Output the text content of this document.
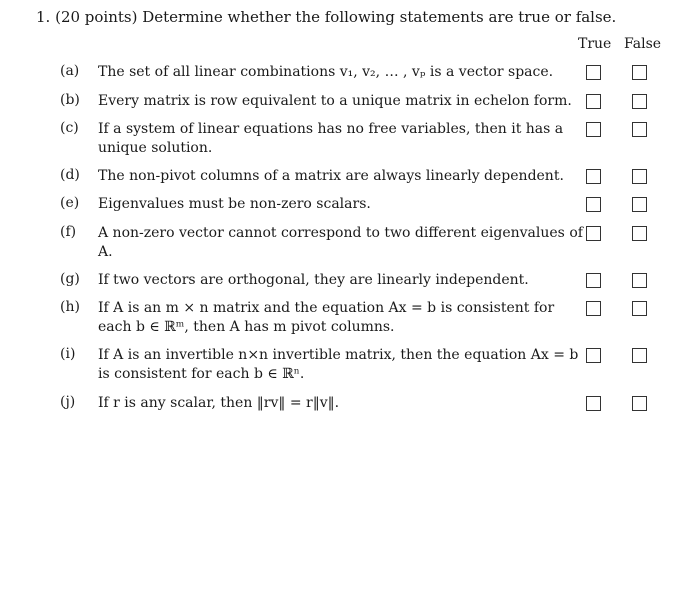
1. (20 points) Determine whether the following statements are true or false.
True False
(a) The set of all linear combinations v₁, v₂, … , vₚ is a vector space.
(b) Every matrix is row equivalent to a unique matrix in echelon form.
(c) If a system of linear equations has no free variables, then it has a
unique solution.
(d) The non-pivot columns of a matrix are always linearly dependent.
(e) Eigenvalues must be non-zero scalars.
(f) A non-zero vector cannot correspond to two different eigenvalues of
A.
(g) If two vectors are orthogonal, they are linearly independent.
(h) If A is an m × n matrix and the equation Ax = b is consistent for
each b ∈ ℝᵐ, then A has m pivot columns.
(i) If A is an invertible n×n invertible matrix, then the equation Ax = b
is consistent for each b ∈ ℝⁿ.
(j) If r is any scalar, then ‖rv‖ = r‖v‖.
